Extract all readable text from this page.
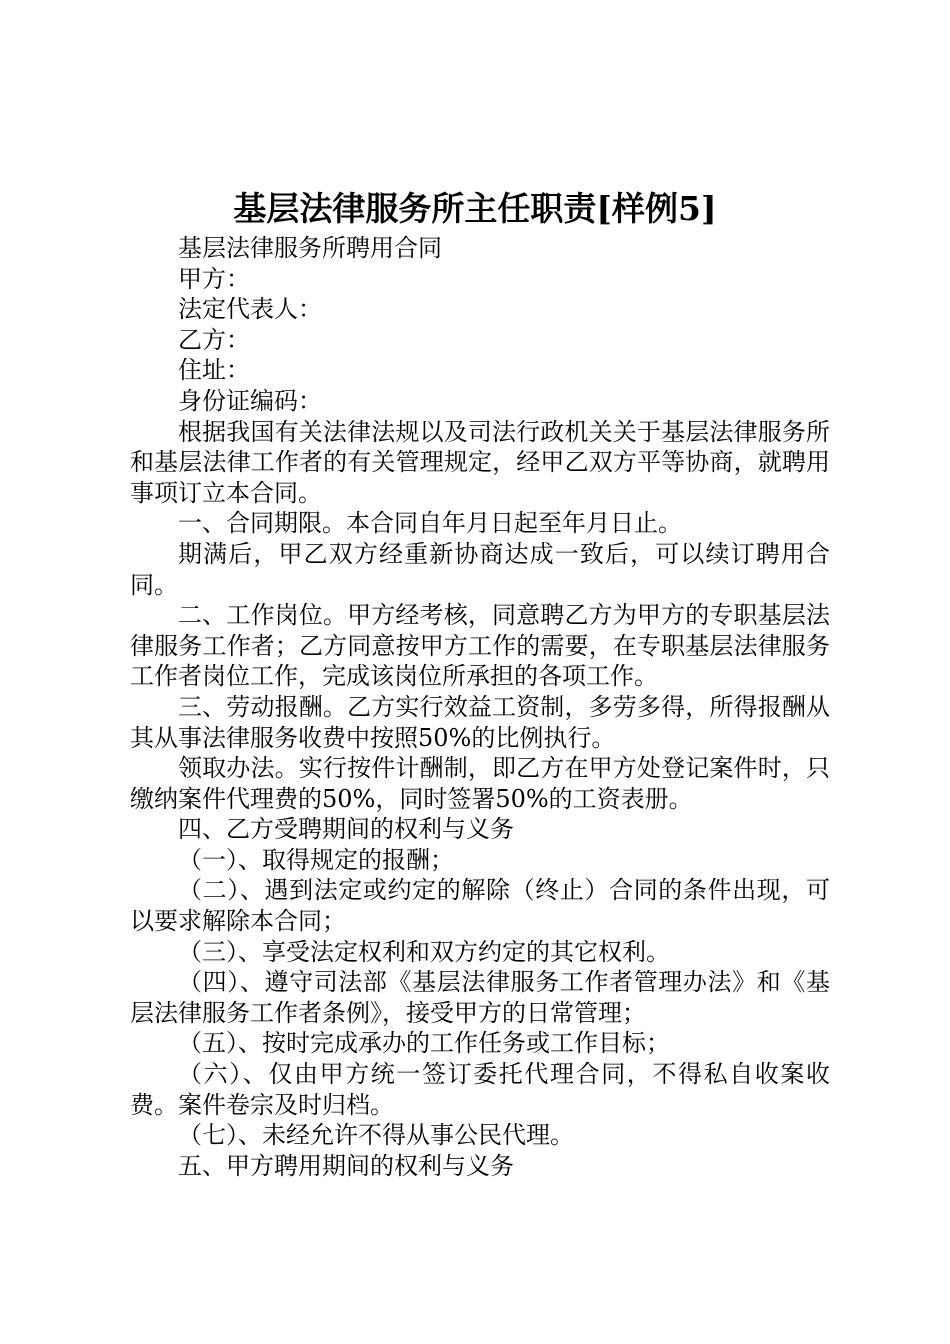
基层法律服务所主任职责[样例5]

基层法律服务所聘用合同

甲方：

法定代表人：

乙方：

住址：

身份证编码：

根据我国有关法律法规以及司法行政机关关于基层法律服务所和基层法律工作者的有关管理规定，经甲乙双方平等协商，就聘用事项订立本合同。

一、合同期限。本合同自年月日起至年月日止。

期满后，甲乙双方经重新协商达成一致后，可以续订聘用合同。

二、工作岗位。甲方经考核，同意聘乙方为甲方的专职基层法律服务工作者；乙方同意按甲方工作的需要，在专职基层法律服务工作者岗位工作，完成该岗位所承担的各项工作。

三、劳动报酬。乙方实行效益工资制，多劳多得，所得报酬从其从事法律服务收费中按照50%的比例执行。

领取办法。实行按件计酬制，即乙方在甲方处登记案件时，只缴纳案件代理费的50%，同时签署50%的工资表册。

四、乙方受聘期间的权利与义务

（一）、取得规定的报酬；

（二）、遇到法定或约定的解除（终止）合同的条件出现，可以要求解除本合同；

（三）、享受法定权利和双方约定的其它权利。

（四）、遵守司法部《基层法律服务工作者管理办法》和《基层法律服务工作者条例》，接受甲方的日常管理；

（五）、按时完成承办的工作任务或工作目标；

（六）、仅由甲方统一签订委托代理合同，不得私自收案收费。案件卷宗及时归档。

（七）、未经允许不得从事公民代理。

五、甲方聘用期间的权利与义务
